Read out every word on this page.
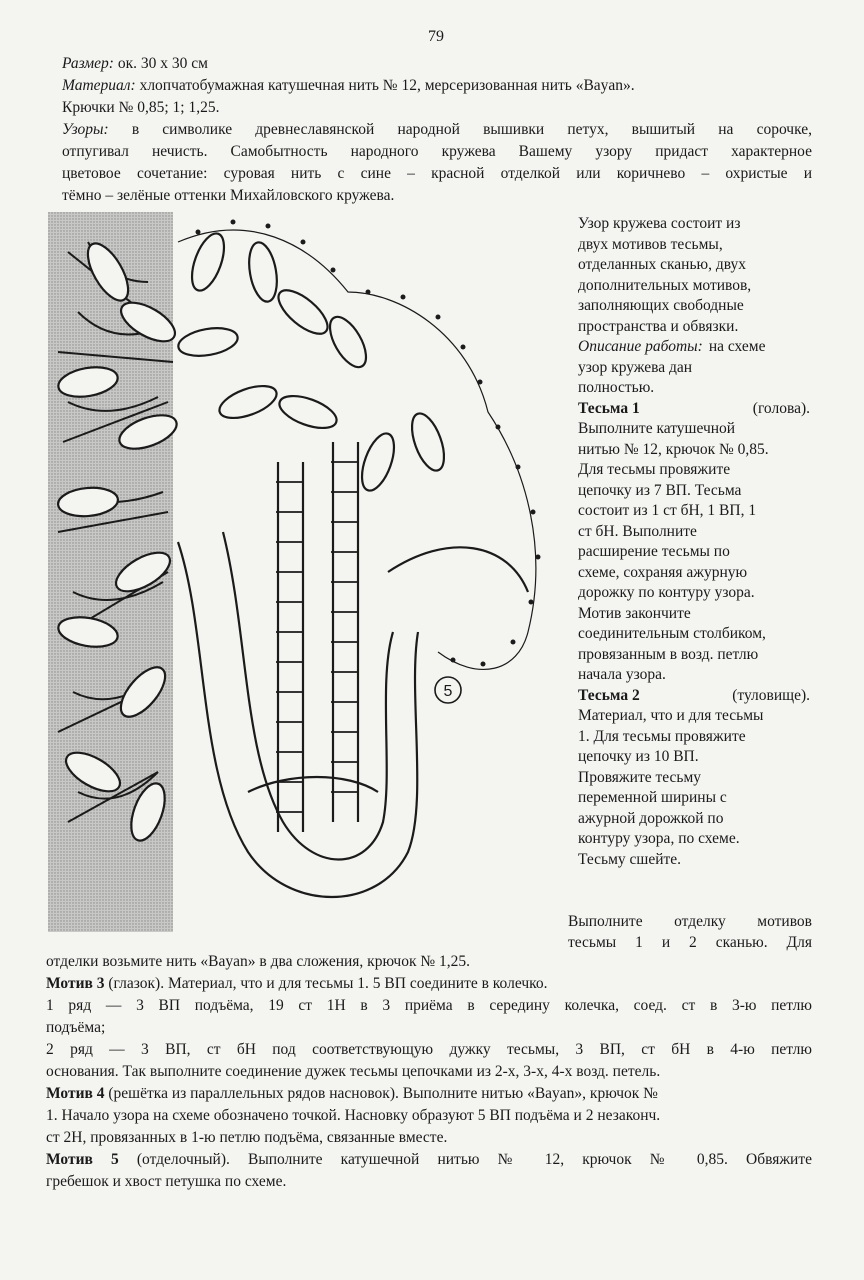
79
Размер: ок. 30 x 30 см
Материал: хлопчатобумажная катушечная нить № 12, мерсеризованная нить «Bayan».
Крючки № 0,85; 1; 1,25.
Узоры: в символике древнеславянской народной вышивки петух, вышитый на сорочке,
отпугивал нечисть. Самобытность народного кружева Вашему узору придаст характерное
цветовое сочетание: суровая нить с сине – красной отделкой или коричнево – охристые и
тёмно – зелёные оттенки Михайловского кружева.
5
Узор кружева состоит из
двух мотивов тесьмы,
отделанных сканью, двух
дополнительных мотивов,
заполняющих свободные
пространства и обвязки.
Описание работы: на схеме
узор кружева дан
полностью.
Тесьма 1	(голова).
Выполните катушечной
нитью № 12, крючок № 0,85.
Для тесьмы провяжите
цепочку из 7 ВП. Тесьма
состоит из 1 ст бН, 1 ВП, 1
ст бН. Выполните
расширение тесьмы по
схеме, сохраняя ажурную
дорожку по контуру узора.
Мотив закончите
соединительным столбиком,
провязанным в возд. петлю
начала узора.
Тесьма 2	(туловище).
Материал, что и для тесьмы
1. Для тесьмы провяжите
цепочку из 10 ВП.
Провяжите тесьму
переменной ширины с
ажурной дорожкой по
контуру узора, по схеме.
Тесьму сшейте.
Выполните отделку мотивов
тесьмы 1 и 2 сканью. Для
отделки возьмите нить «Bayan» в два сложения, крючок № 1,25.
Мотив 3 (глазок). Материал, что и для тесьмы 1. 5 ВП соедините в колечко.
1 ряд — 3 ВП подъёма, 19 ст 1Н в 3 приёма в середину колечка, соед. ст в 3-ю петлю
подъёма;
2 ряд — 3 ВП, ст бН под соответствующую дужку тесьмы, 3 ВП, ст бН в 4-ю петлю
основания. Так выполните соединение дужек тесьмы цепочками из 2-х, 3-х, 4-х возд. петель.
Мотив 4 (решётка из параллельных рядов насновок). Выполните нитью «Bayan», крючок №
1. Начало узора на схеме обозначено точкой. Насновку образуют 5 ВП подъёма и 2 незаконч.
ст 2Н, провязанных в 1-ю петлю подъёма, связанные вместе.
Мотив 5 (отделочный). Выполните катушечной нитью № 12, крючок № 0,85. Обвяжите
гребешок и хвост петушка по схеме.
